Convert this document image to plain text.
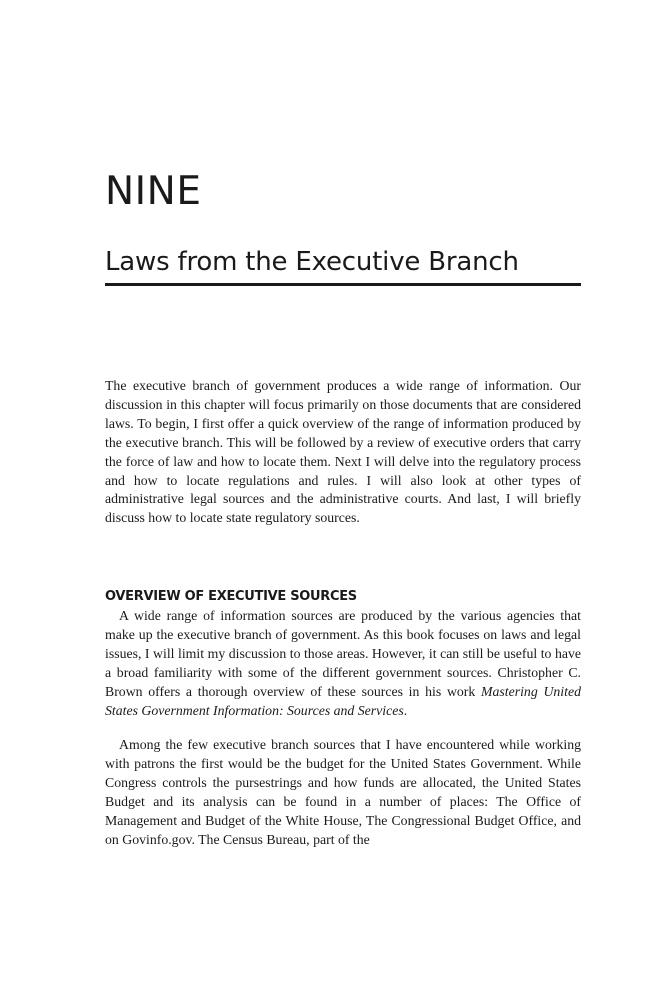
NINE
Laws from the Executive Branch

The executive branch of government produces a wide range of information. Our discussion in this chapter will focus primarily on those documents that are considered laws. To begin, I first offer a quick overview of the range of information produced by the executive branch. This will be followed by a review of executive orders that carry the force of law and how to locate them. Next I will delve into the regulatory process and how to locate regulations and rules. I will also look at other types of administrative legal sources and the administrative courts. And last, I will briefly discuss how to locate state regulatory sources.

OVERVIEW OF EXECUTIVE SOURCES

A wide range of information sources are produced by the various agencies that make up the executive branch of government. As this book focuses on laws and legal issues, I will limit my discussion to those areas. However, it can still be useful to have a broad familiarity with some of the different government sources. Christopher C. Brown offers a thorough overview of these sources in his work Mastering United States Government Information: Sources and Services.

Among the few executive branch sources that I have encountered while working with patrons the first would be the budget for the United States Government. While Congress controls the pursestrings and how funds are allocated, the United States Budget and its analysis can be found in a number of places: The Office of Management and Budget of the White House, The Congressional Budget Office, and on Govinfo.gov. The Census Bureau, part of the
